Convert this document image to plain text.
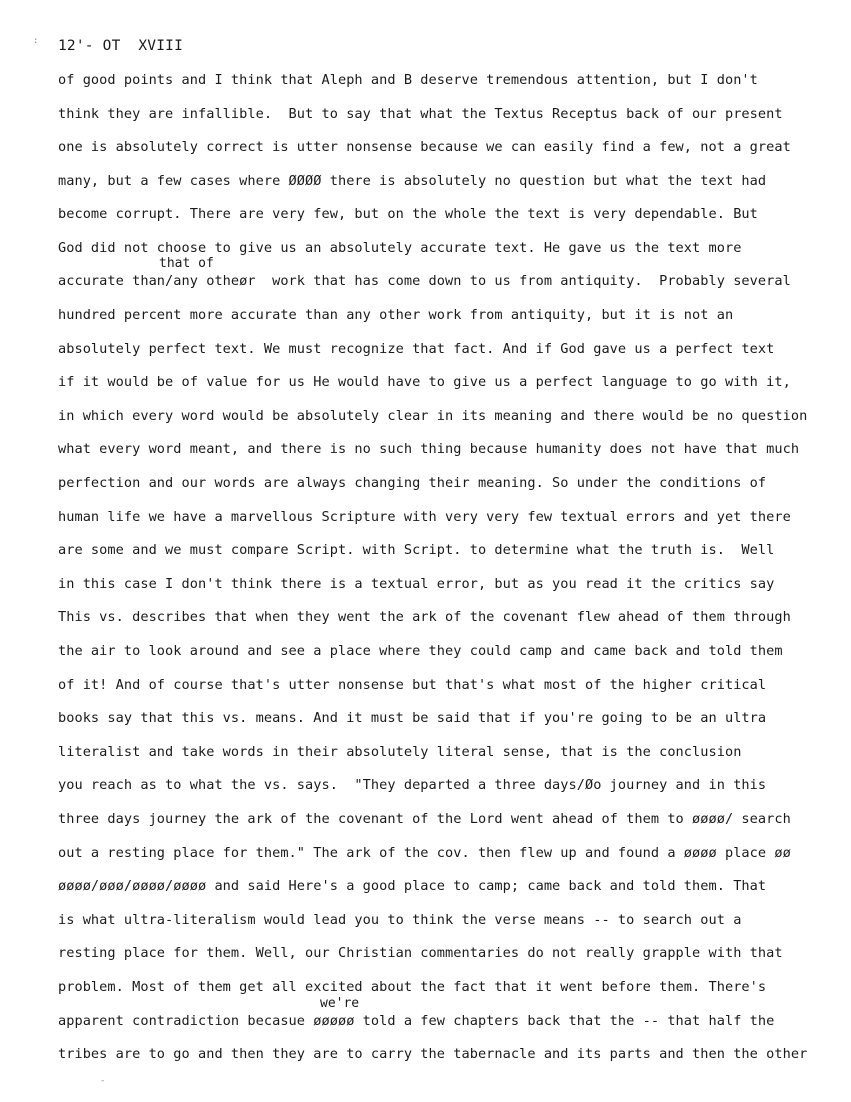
: 12'- OT  XVIII
that of
we're
of good points and I think that Aleph and B deserve tremendous attention, but I don't
think they are infallible.  But to say that what the Textus Receptus back of our present
one is absolutely correct is utter nonsense because we can easily find a few, not a great
many, but a few cases where ØØØØ there is absolutely no question but what the text had
become corrupt. There are very few, but on the whole the text is very dependable. But
God did not choose to give us an absolutely accurate text. He gave us the text more
accurate than/any otheør  work that has come down to us from antiquity.  Probably several
hundred percent more accurate than any other work from antiquity, but it is not an
absolutely perfect text. We must recognize that fact. And if God gave us a perfect text
if it would be of value for us He would have to give us a perfect language to go with it,
in which every word would be absolutely clear in its meaning and there would be no question
what every word meant, and there is no such thing because humanity does not have that much
perfection and our words are always changing their meaning. So under the conditions of
human life we have a marvellous Scripture with very very few textual errors and yet there
are some and we must compare Script. with Script. to determine what the truth is.  Well
in this case I don't think there is a textual error, but as you read it the critics say
This vs. describes that when they went the ark of the covenant flew ahead of them through
the air to look around and see a place where they could camp and came back and told them
of it! And of course that's utter nonsense but that's what most of the higher critical
books say that this vs. means. And it must be said that if you're going to be an ultra
literalist and take words in their absolutely literal sense, that is the conclusion
you reach as to what the vs. says.  "They departed a three days/Øo journey and in this
three days journey the ark of the covenant of the Lord went ahead of them to øøøø/ search
out a resting place for them." The ark of the cov. then flew up and found a øøøø place øø
øøøø/øøø/øøøø/øøøø and said Here's a good place to camp; came back and told them. That
is what ultra-literalism would lead you to think the verse means -- to search out a
resting place for them. Well, our Christian commentaries do not really grapple with that
problem. Most of them get all excited about the fact that it went before them. There's
apparent contradiction becasue øøøøø told a few chapters back that the -- that half the
tribes are to go and then they are to carry the tabernacle and its parts and then the other
-
